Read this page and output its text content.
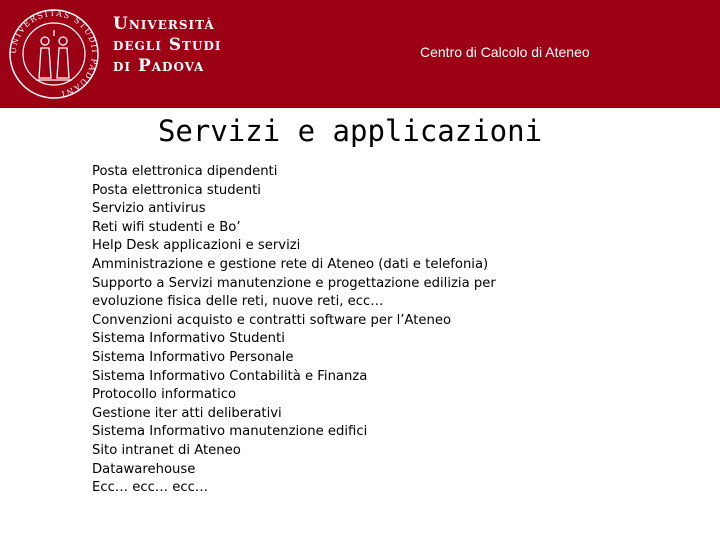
UNIVERSITAS STUDII PADUANI
Università
degli Studi
di Padova
Centro di Calcolo di Ateneo
Servizi e applicazioni
Posta elettronica dipendenti
Posta elettronica studenti
Servizio antivirus
Reti wifi studenti e Bo’
Help Desk applicazioni e servizi
Amministrazione e gestione rete di Ateneo (dati e telefonia)
Supporto a Servizi manutenzione e progettazione edilizia per
evoluzione fisica delle reti, nuove reti, ecc…
Convenzioni acquisto e contratti software per l’Ateneo
Sistema Informativo Studenti
Sistema Informativo Personale
Sistema Informativo Contabilità e Finanza
Protocollo informatico
Gestione iter atti deliberativi
Sistema Informativo manutenzione edifici
Sito intranet di Ateneo
Datawarehouse
Ecc… ecc… ecc…
